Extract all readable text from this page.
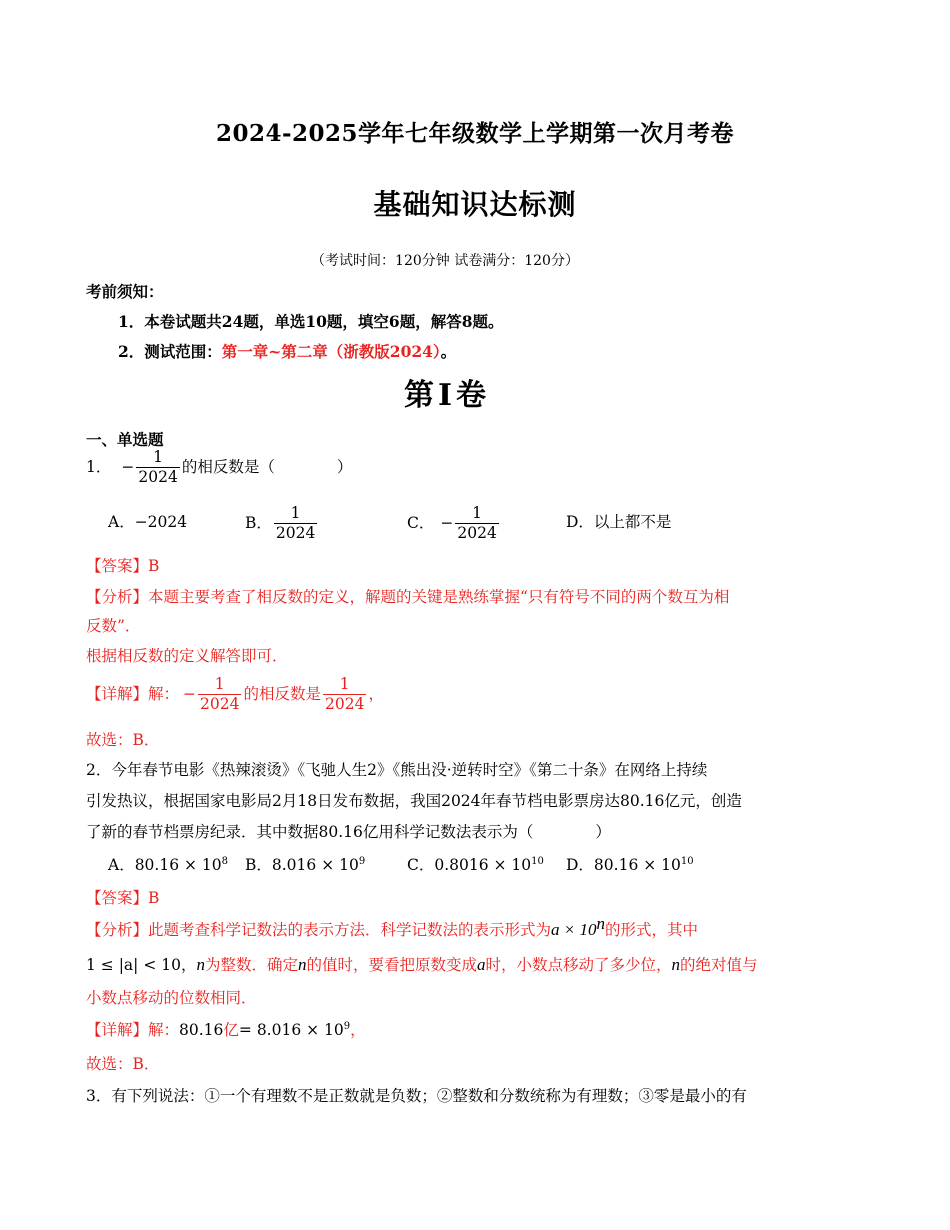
2024-2025学年七年级数学上学期第一次月考卷
基础知识达标测
（考试时间：120分钟 试卷满分：120分）
考前须知：
1．本卷试题共24题，单选10题，填空6题，解答8题。
2．测试范围：第一章~第二章（浙教版2024）。
第Ⅰ卷
一、单选题
1． − $\frac{1}{2024}$ 的相反数是（　　　　）
A．−2024	B． $\frac{1}{2024}$	C． − $\frac{1}{2024}$	D．以上都不是
【答案】B
【分析】本题主要考查了相反数的定义，解题的关键是熟练掌握“只有符号不同的两个数互为相
反数”．
根据相反数的定义解答即可．
【详解】解： − $\frac{1}{2024}$ 的相反数是 $\frac{1}{2024}$ ，
故选：B．
2．今年春节电影《热辣滚烫》《飞驰人生2》《熊出没·逆转时空》《第二十条》在网络上持续
引发热议，根据国家电影局2月18日发布数据，我国2024年春节档电影票房达80.16亿元，创造
了新的春节档票房纪录．其中数据80.16亿用科学记数法表示为（　　　　）
A．$80.16 \times 10^8$ B．$8.016 \times 10^9$	C．$0.8016 \times 10^{10}$ D．$80.16 \times 10^{10}$
【答案】B
【分析】此题考查科学记数法的表示方法．科学记数法的表示形式为$a \times 10^n$的形式，其中
1 ≤ |a| < 10，n为整数．确定n的值时，要看把原数变成a时，小数点移动了多少位，n的绝对值与
小数点移动的位数相同．
【详解】解：80.16亿= $8.016 \times 10^9$，
故选：B．
3．有下列说法：①一个有理数不是正数就是负数；②整数和分数统称为有理数；③零是最小的有
